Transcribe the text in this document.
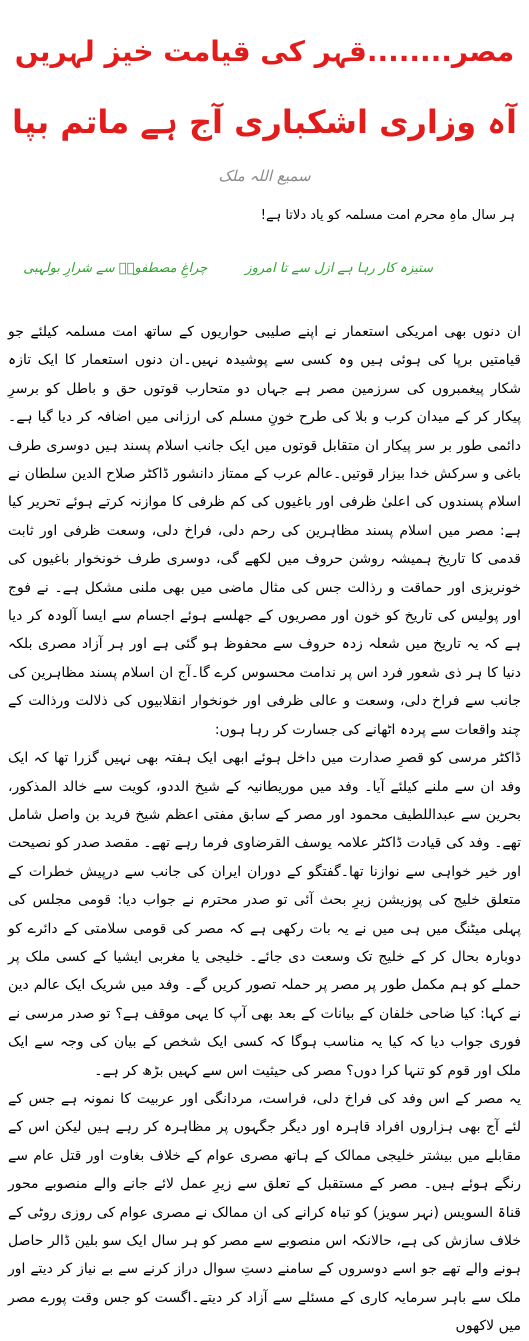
مصر........قہر کی قیامت خیز لہریں
آہ وزاری اشکباری آج ہے ماتم بپا
سمیع اللہ ملک
ہر سال ماہِ محرم امت مسلمہ کو یاد دلاتا ہے!
ستیزہ کار رہا ہے ازل سے تا امروز
چراغِ مصطفویؐ سے شرارِ بولہبی

ان دنوں بھی امریکی استعمار نے اپنے صلیبی حواریوں کے ساتھ امت مسلمہ کیلئے جو قیامتیں برپا کی ہوئی ہیں وہ کسی سے پوشیدہ نہیں۔ان دنوں استعمار کا ایک تازہ شکار پیغمبروں کی سرزمین مصر ہے جہاں دو متحارب قوتوں حق و باطل کو برسرِ پیکار کر کے میدان کرب و بلا کی طرح خونِ مسلم کی ارزانی میں اضافہ کر دیا گیا ہے۔دائمی طور بر سر پیکار ان متقابل قوتوں میں ایک جانب اسلام پسند ہیں دوسری طرف باغی و سرکش خدا بیزار قوتیں۔عالم عرب کے ممتاز دانشور ڈاکٹر صلاح الدین سلطان نے اسلام پسندوں کی اعلیٰ ظرفی اور باغیوں کی کم ظرفی کا موازنہ کرتے ہوئے تحریر کیا ہے: مصر میں اسلام پسند مظاہرین کی رحم دلی، فراخ دلی، وسعت ظرفی اور ثابت قدمی کا تاریخ ہمیشہ روشن حروف میں لکھے گی، دوسری طرف خونخوار باغیوں کی خونریزی اور حماقت و رذالت جس کی مثال ماضی میں بھی ملنی مشکل ہے۔ نے فوج اور پولیس کی تاریخ کو خون اور مصریوں کے جھلسے ہوئے اجسام سے ایسا آلودہ کر دیا ہے کہ یہ تاریخ میں شعلہ زدہ حروف سے محفوظ ہو گئی ہے اور ہر آزاد مصری بلکہ دنیا کا ہر ذی شعور فرد اس پر ندامت محسوس کرے گا۔آج ان اسلام پسند مظاہرین کی جانب سے فراخ دلی، وسعت و عالی ظرفی اور خونخوار انقلابیوں کی ذلالت ورذالت کے چند واقعات سے پردہ اٹھانے کی جسارت کر رہا ہوں:

ڈاکٹر مرسی کو قصرِ صدارت میں داخل ہوئے ابھی ایک ہفتہ بھی نہیں گزرا تھا کہ ایک وفد ان سے ملنے کیلئے آیا۔ وفد میں موریطانیہ کے شیخ الددو، کویت سے خالد المذکور، بحرین سے عبداللطیف محمود اور مصر کے سابق مفتی اعظم شیخ فرید بن واصل شامل تھے۔ وفد کی قیادت ڈاکٹر علامہ یوسف القرضاوی فرما رہے تھے۔ مقصد صدر کو نصیحت اور خیر خواہی سے نوازنا تھا۔گفتگو کے دوران ایران کی جانب سے درپیش خطرات کے متعلق خلیج کی پوزیشن زیرِ بحث آئی تو صدر محترم نے جواب دیا: قومی مجلس کی پہلی میٹنگ میں ہی میں نے یہ بات رکھی ہے کہ مصر کی قومی سلامتی کے دائرے کو دوبارہ بحال کر کے خلیج تک وسعت دی جائے۔ خلیجی یا مغربی ایشیا کے کسی ملک پر حملے کو ہم مکمل طور پر مصر پر حملہ تصور کریں گے۔ وفد میں شریک ایک عالم دین نے کہا: کیا ضاحی خلفان کے بیانات کے بعد بھی آپ کا یہی موقف ہے؟ تو صدر مرسی نے فوری جواب دیا کہ کیا یہ مناسب ہوگا کہ کسی ایک شخص کے بیان کی وجہ سے ایک ملک اور قوم کو تنہا کرا دوں؟ مصر کی حیثیت اس سے کہیں بڑھ کر ہے۔

یہ مصر کے اس وفد کی فراخ دلی، فراست، مردانگی اور عربیت کا نمونہ ہے جس کے لئے آج بھی ہزاروں افراد قاہرہ اور دیگر جگہوں پر مظاہرہ کر رہے ہیں لیکن اس کے مقابلے میں بیشتر خلیجی ممالک کے ہاتھ مصری عوام کے خلاف بغاوت اور قتل عام سے رنگے ہوئے ہیں۔ مصر کے مستقبل کے تعلق سے زیرِ عمل لائے جانے والے منصوبے محور قناۃ السویس (نہر سویز) کو تباہ کرانے کی ان ممالک نے مصری عوام کی روزی روٹی کے خلاف سازش کی ہے، حالانکہ اس منصوبے سے مصر کو ہر سال ایک سو بلین ڈالر حاصل ہونے والے تھے جو اسے دوسروں کے سامنے دستِ سوال دراز کرنے سے بے نیاز کر دیتے اور ملک سے باہر سرمایہ کاری کے مسئلے سے آزاد کر دیتے۔اگست کو جس وقت پورے مصر میں لاکھوں
